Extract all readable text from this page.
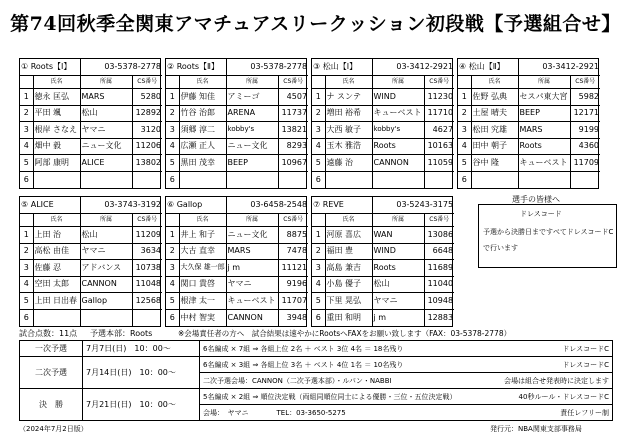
第74回秋季全関東アマチュアスリークッション初段戦【予選組合せ】
① Roots【Ⅰ】		03-5378-2778	
	氏名	所属	CS番号
1	徳永 匡弘	MARS	5280
2	平田 颯	松山	12892
3	根岸 さなえ	ヤマニ	3120
4	畑中 毅	ニュー文化	11206
5	阿部 康明	ALICE	13802
6			
② Roots【Ⅱ】		03-5378-2778	
	氏名	所属	CS番号
1	伊藤 知佳	アミーゴ	4507
2	竹谷 治郎	ARENA	11737
3	須郷 淳二	kobby's	13821
4	広瀬 正人	ニュー文化	8293
5	黒田 茂幸	BEEP	10967
6			
③ 松山【Ⅰ】		03-3412-2921	
	氏名	所属	CS番号
1	ナ スンテ	WIND	11230
2	増田 裕希	キューベスト	11710
3	大西 敏子	kobby's	4627
4	玉木 雅浩	Roots	10163
5	遠藤 治	CANNON	11059
6			
④ 松山【Ⅱ】		03-3412-2921	
	氏名	所属	CS番号
1	佐野 弘典	セスパ東大宮	5982
2	土屋 晴夫	BEEP	12171
3	松田 究雄	MARS	9199
4	田中 朝子	Roots	4360
5	谷中 隆	キューベスト	11709
6			
⑤ ALICE		03-3743-3192	
	氏名	所属	CS番号
1	上田 治	松山	11209
2	高松 由佳	ヤマニ	3634
3	佐藤 忍	アドバンス	10738
4	空田 太郎	CANNON	11048
5	上田 日出春	Gallop	12568
6			
⑥ Gallop		03-6458-2548	
	氏名	所属	CS番号
1	井上 和子	ニュー文化	8875
2	大古 直幸	MARS	7478
3	大久保 雄一郎	j m	11121
4	関口 貴啓	ヤマニ	9196
5	根津 太一	キューベスト	11707
6	中村 智実	CANNON	3948
⑦ REVE		03-5243-3175	
	氏名	所属	CS番号
1	河原 喜広	WAN	13086
2	福田 豊	WIND	6648
3	高島 兼吉	Roots	11689
4	小島 優子	松山	11040
5	下里 晃弘	ヤマニ	10948
6	重田 和明	j m	12883
選手の皆様へ
ドレスコード
予選から決勝日まですべてドレスコードC
で行います
試合点数：11点 予選本部：Roots	※会場責任者の方へ　試合結果は速やかにRootsへFAXをお願い致します（FAX：03-5378-2778）
一次予選	7月7日(日)　10：00～	6名編成 × 7組 ⇒ 各組上位 2名 ＋ ベスト 3位 4名 ＝ 18名残り	ドレスコードC
二次予選	7月14日(日)　10：00～	6名編成 × 3組 ⇒ 各組上位 3名 ＋ ベスト 4位 1名 ＝ 10名残り	ドレスコードC
		二次予選会場：CANNON（二次予選本部）・ルパン・NABBI	会場は組合せ発表時に決定します
決　勝	7月21日(日)　10：00～	5名編成 × 2組 ⇒ 順位決定戦（両組同順位同士による優勝・三位・五位決定戦）	40秒ルール・ドレスコードC
		会場：　ヤマニ　　　　TEL：03-3650-5275	責任レフリー制
（2024年7月2日版）	発行元：NBA関東支部事務局
